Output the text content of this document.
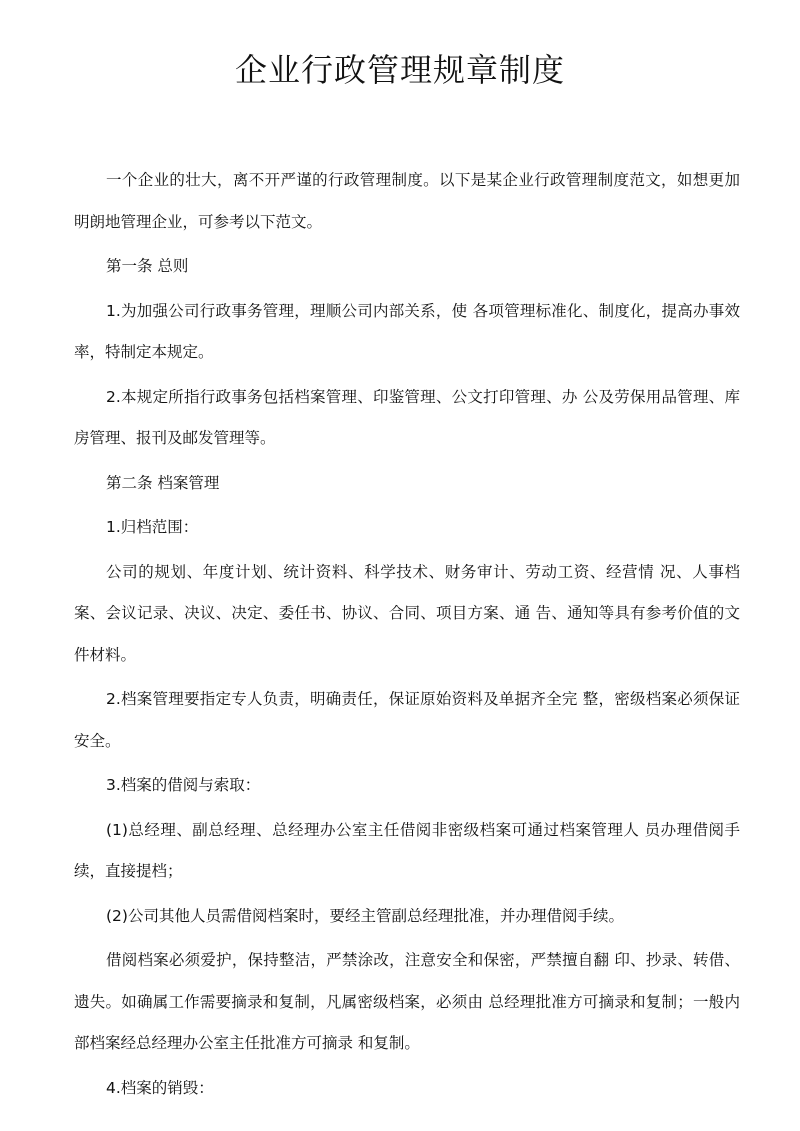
企业行政管理规章制度

一个企业的壮大，离不开严谨的行政管理制度。以下是某企业行政管理制度范文，如想更加明朗地管理企业，可参考以下范文。

第一条 总则

1.为加强公司行政事务管理，理顺公司内部关系，使 各项管理标准化、制度化，提高办事效率，特制定本规定。

2.本规定所指行政事务包括档案管理、印鉴管理、公文打印管理、办 公及劳保用品管理、库房管理、报刊及邮发管理等。

第二条 档案管理

1.归档范围：

公司的规划、年度计划、统计资料、科学技术、财务审计、劳动工资、经营情 况、人事档案、会议记录、决议、决定、委任书、协议、合同、项目方案、通 告、通知等具有参考价值的文件材料。

2.档案管理要指定专人负责，明确责任，保证原始资料及单据齐全完 整，密级档案必须保证安全。

3.档案的借阅与索取：

(1)总经理、副总经理、总经理办公室主任借阅非密级档案可通过档案管理人 员办理借阅手续，直接提档；

(2)公司其他人员需借阅档案时，要经主管副总经理批准，并办理借阅手续。

借阅档案必须爱护，保持整洁，严禁涂改，注意安全和保密，严禁擅自翻 印、抄录、转借、遗失。如确属工作需要摘录和复制，凡属密级档案，必须由 总经理批准方可摘录和复制；一般内部档案经总经理办公室主任批准方可摘录 和复制。

4.档案的销毁：
